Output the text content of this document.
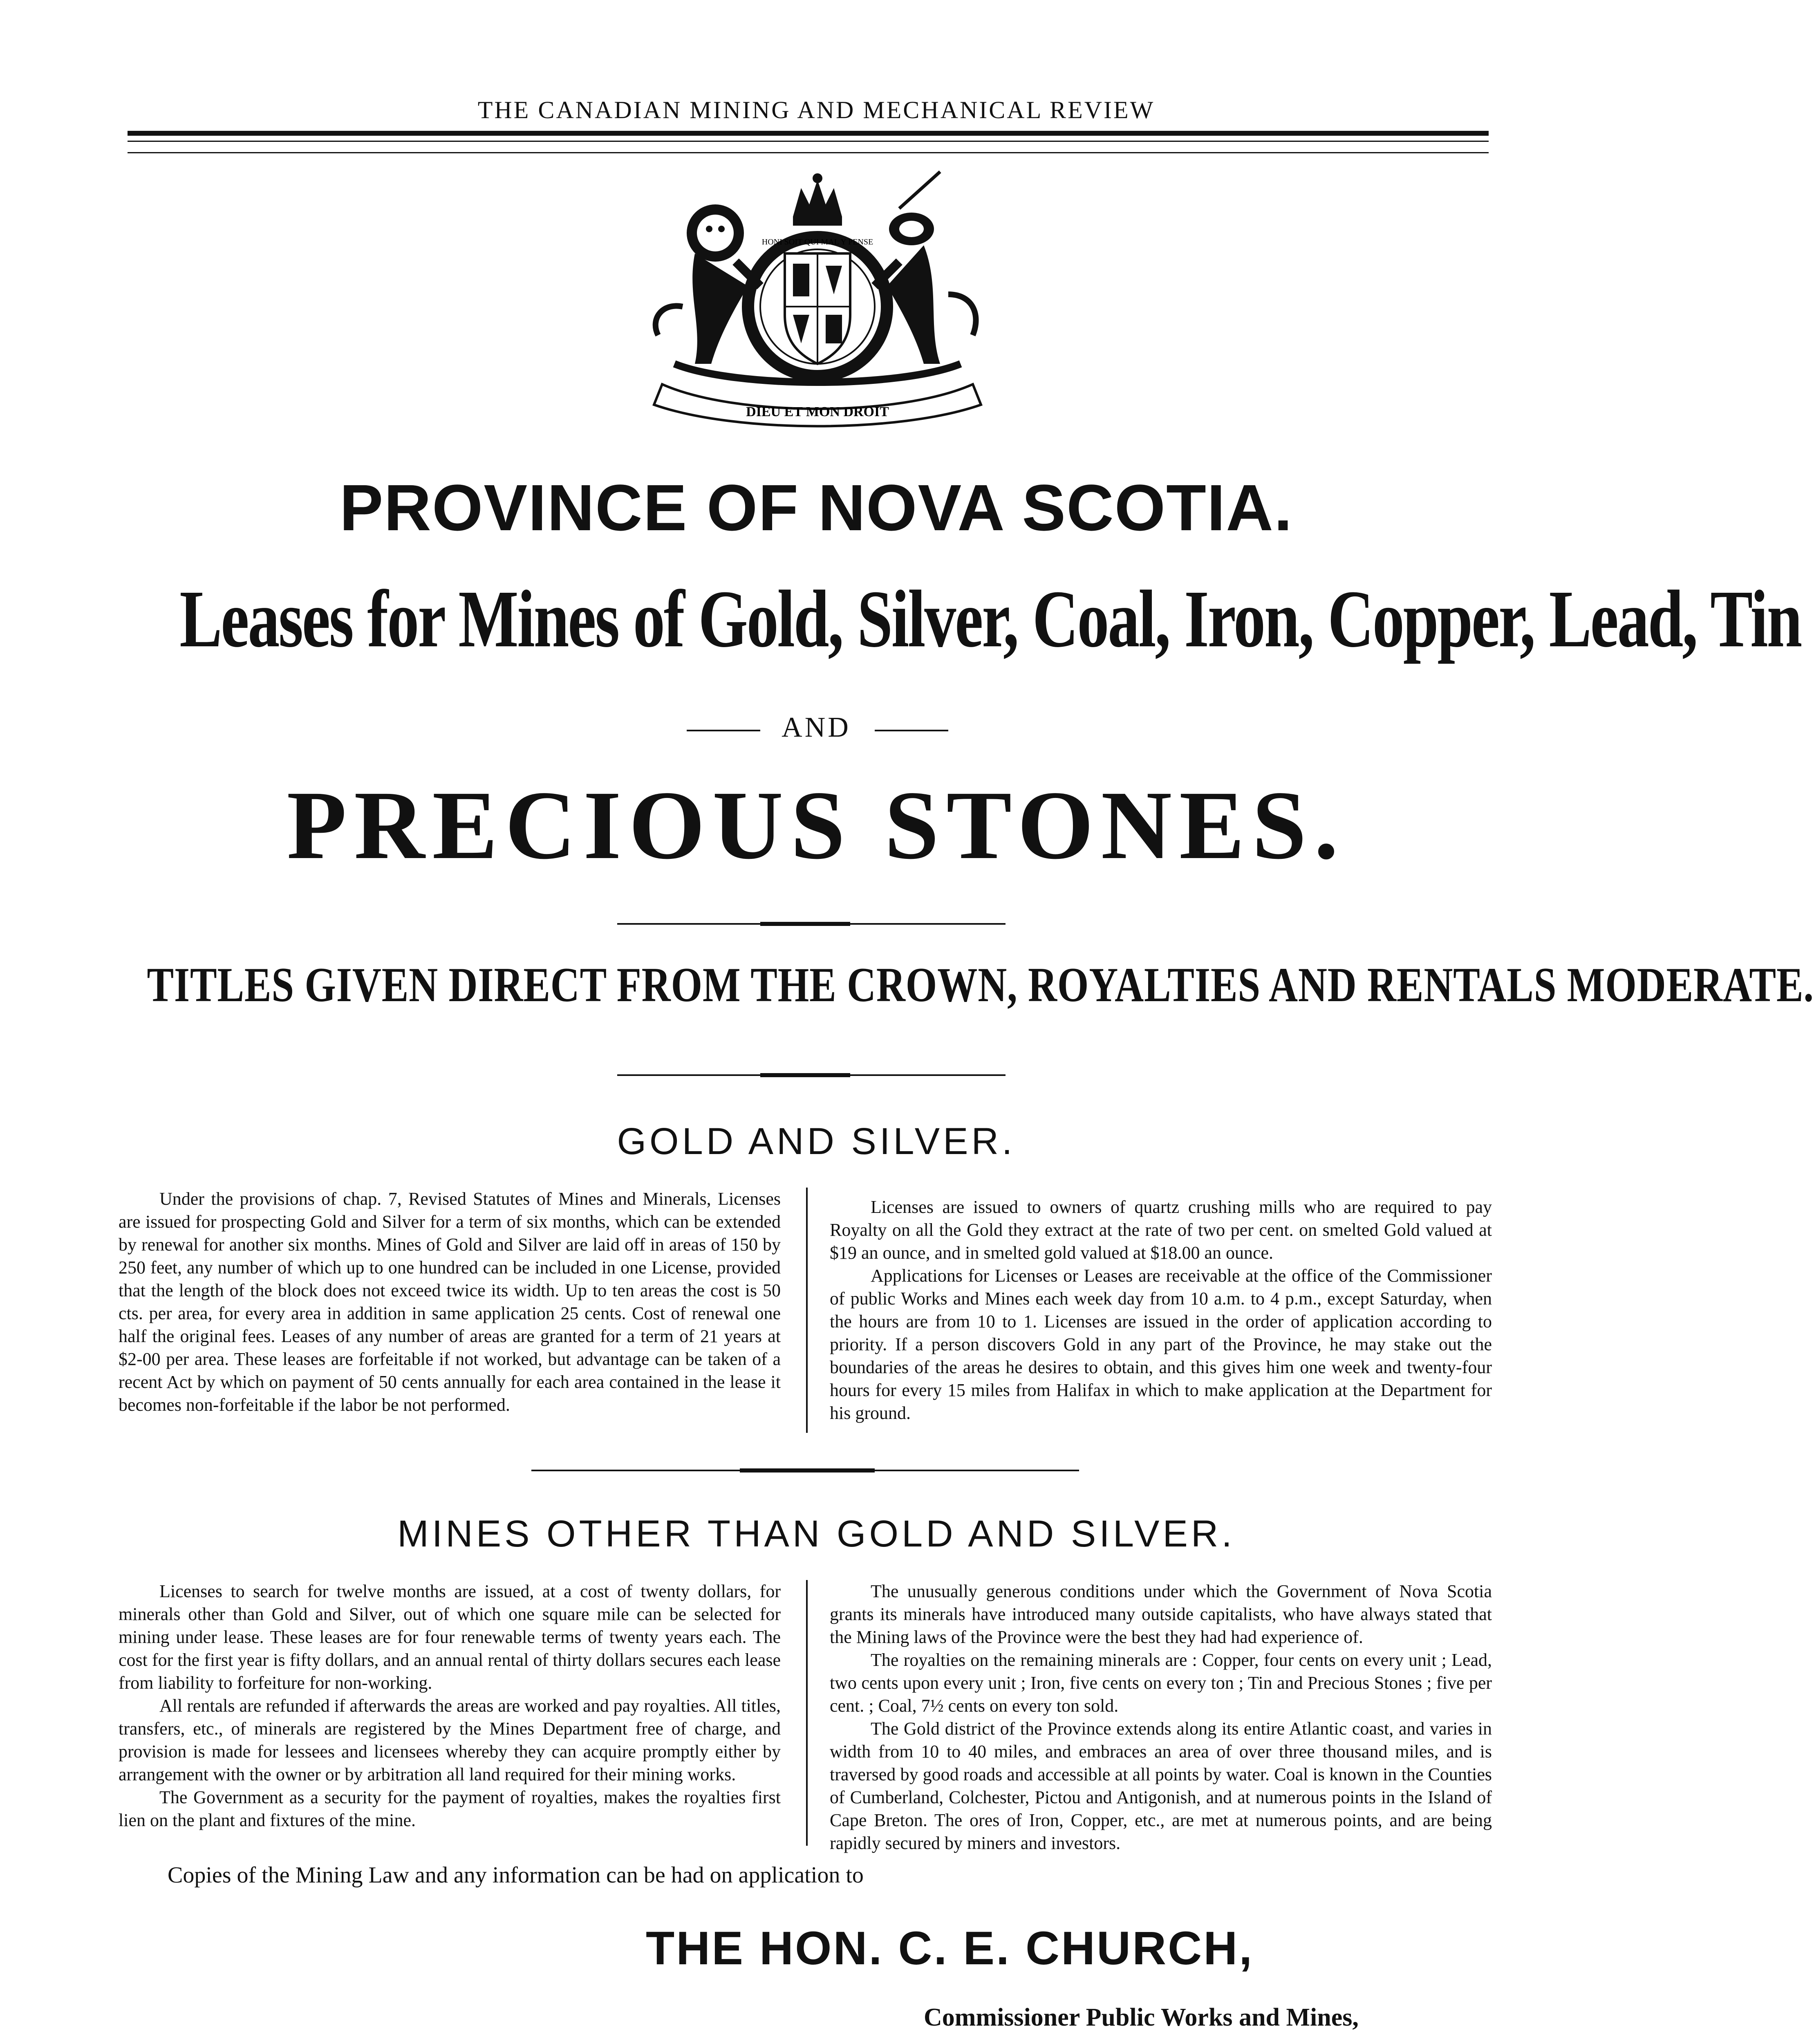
THE CANADIAN MINING AND MECHANICAL REVIEW
DIEU ET MON DROIT
HONI SOIT QUI MAL Y PENSE
PROVINCE OF NOVA SCOTIA.
Leases for Mines of Gold, Silver, Coal, Iron, Copper, Lead, Tin
AND
PRECIOUS STONES.
TITLES GIVEN DIRECT FROM THE CROWN, ROYALTIES AND RENTALS MODERATE.
GOLD AND SILVER.

Under the provisions of chap. 7, Revised Statutes of Mines and Minerals, Licenses are issued for prospecting Gold and Silver for a term of six months, which can be extended by renewal for another six months. Mines of Gold and Silver are laid off in areas of 150 by 250 feet, any number of which up to one hundred can be included in one License, provided that the length of the block does not exceed twice its width. Up to ten areas the cost is 50 cts. per area, for every area in addition in same application 25 cents. Cost of renewal one half the original fees. Leases of any number of areas are granted for a term of 21 years at $2-00 per area. These leases are forfeitable if not worked, but advantage can be taken of a recent Act by which on payment of 50 cents annually for each area contained in the lease it becomes non-forfeitable if the labor be not performed.

Licenses are issued to owners of quartz crushing mills who are required to pay Royalty on all the Gold they extract at the rate of two per cent. on smelted Gold valued at $19 an ounce, and in smelted gold valued at $18.00 an ounce.

Applications for Licenses or Leases are receivable at the office of the Commissioner of public Works and Mines each week day from 10 a.m. to 4 p.m., except Saturday, when the hours are from 10 to 1. Licenses are issued in the order of application according to priority. If a person discovers Gold in any part of the Province, he may stake out the boundaries of the areas he desires to obtain, and this gives him one week and twenty-four hours for every 15 miles from Halifax in which to make application at the Department for his ground.

MINES OTHER THAN GOLD AND SILVER.

Licenses to search for twelve months are issued, at a cost of twenty dollars, for minerals other than Gold and Silver, out of which one square mile can be selected for mining under lease. These leases are for four renewable terms of twenty years each. The cost for the first year is fifty dollars, and an annual rental of thirty dollars secures each lease from liability to forfeiture for non-working.

All rentals are refunded if afterwards the areas are worked and pay royalties. All titles, transfers, etc., of minerals are registered by the Mines Department free of charge, and provision is made for lessees and licensees whereby they can acquire promptly either by arrangement with the owner or by arbitration all land required for their mining works.

The Government as a security for the payment of royalties, makes the royalties first lien on the plant and fixtures of the mine.

The unusually generous conditions under which the Government of Nova Scotia grants its minerals have introduced many outside capitalists, who have always stated that the Mining laws of the Province were the best they had had experience of.

The royalties on the remaining minerals are : Copper, four cents on every unit ; Lead, two cents upon every unit ; Iron, five cents on every ton ; Tin and Precious Stones ; five per cent. ; Coal, 7½ cents on every ton sold.

The Gold district of the Province extends along its entire Atlantic coast, and varies in width from 10 to 40 miles, and embraces an area of over three thousand miles, and is traversed by good roads and accessible at all points by water. Coal is known in the Counties of Cumberland, Colchester, Pictou and Antigonish, and at numerous points in the Island of Cape Breton. The ores of Iron, Copper, etc., are met at numerous points, and are being rapidly secured by miners and investors.

Copies of the Mining Law and any information can be had on application to
THE HON. C. E. CHURCH,
Commissioner Public Works and Mines,
